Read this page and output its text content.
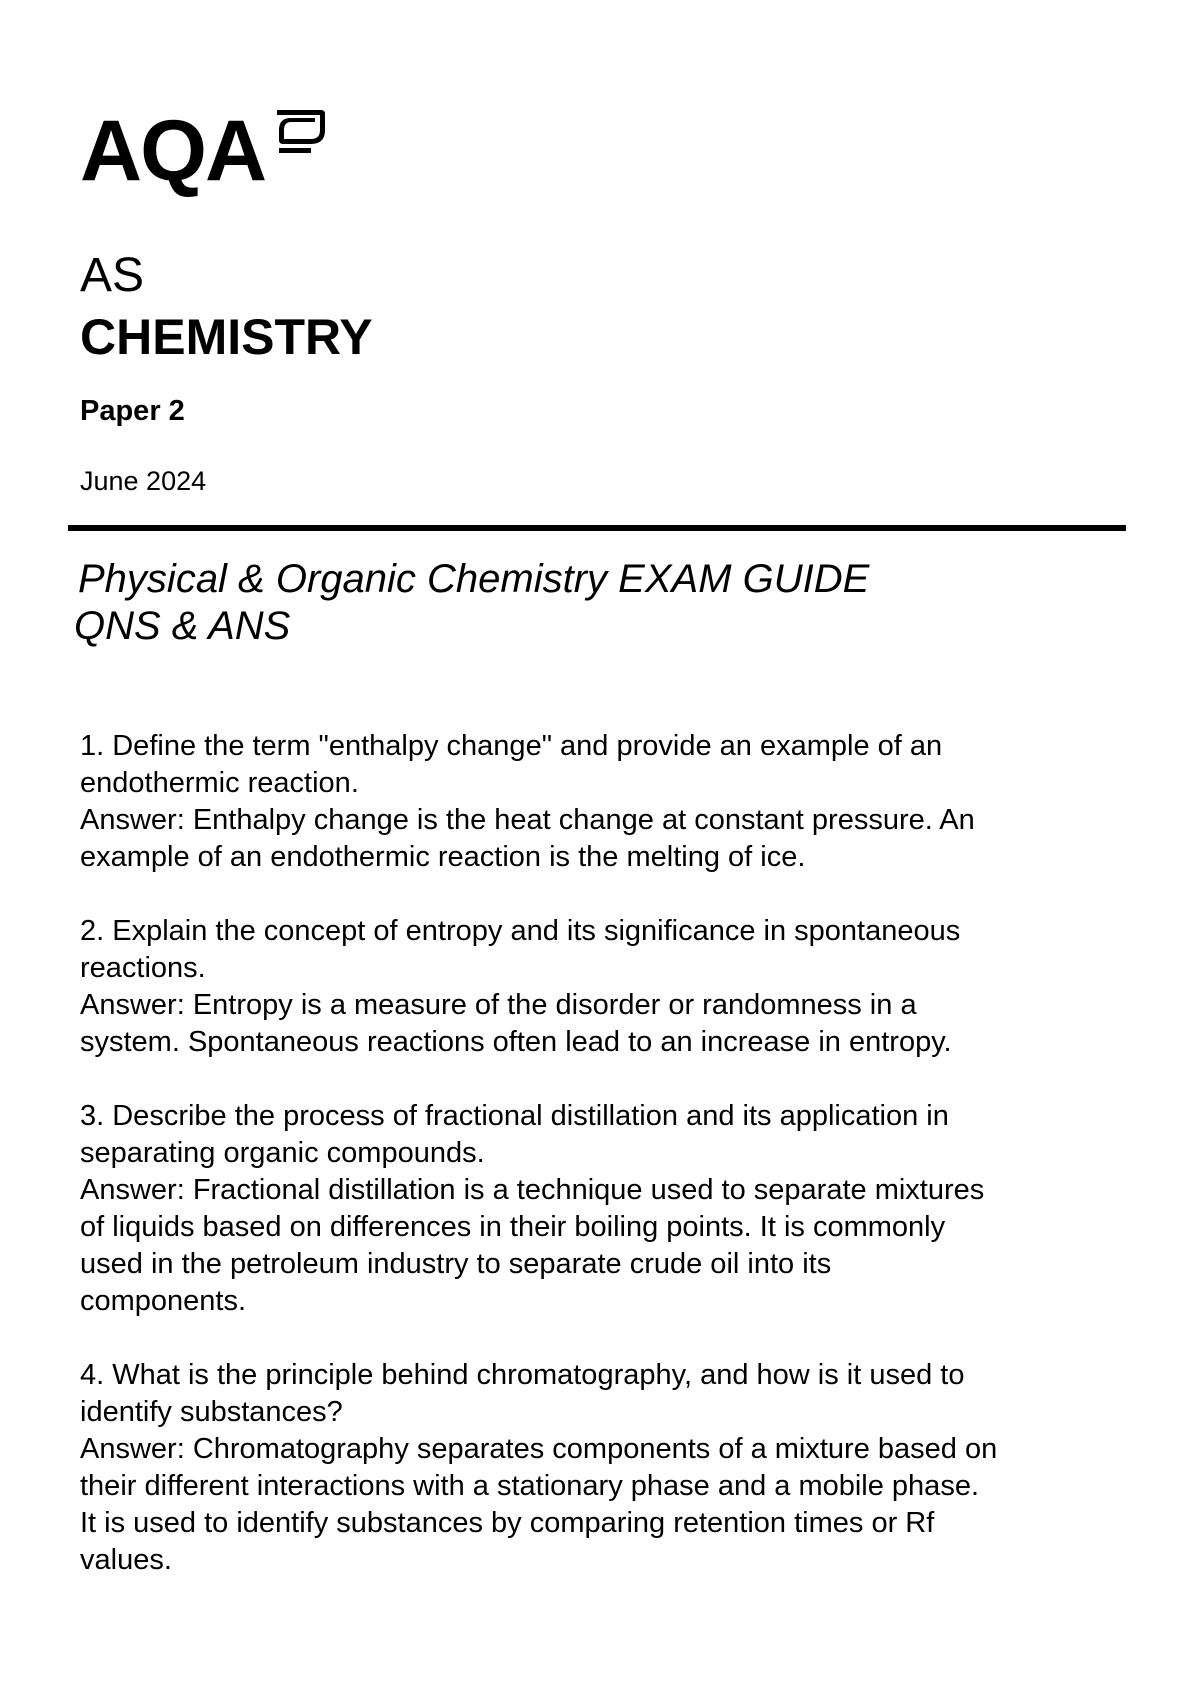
AQA
AS
CHEMISTRY
Paper 2
June 2024
Physical & Organic Chemistry EXAM GUIDE
QNS & ANS

1. Define the term "enthalpy change" and provide an example of an endothermic reaction.

Answer: Enthalpy change is the heat change at constant pressure. An example of an endothermic reaction is the melting of ice.

2. Explain the concept of entropy and its significance in spontaneous reactions.

Answer: Entropy is a measure of the disorder or randomness in a system. Spontaneous reactions often lead to an increase in entropy.

3. Describe the process of fractional distillation and its application in separating organic compounds.

Answer: Fractional distillation is a technique used to separate mixtures of liquids based on differences in their boiling points. It is commonly used in the petroleum industry to separate crude oil into its components.

4. What is the principle behind chromatography, and how is it used to identify substances?

Answer: Chromatography separates components of a mixture based on their different interactions with a stationary phase and a mobile phase. It is used to identify substances by comparing retention times or Rf values.
